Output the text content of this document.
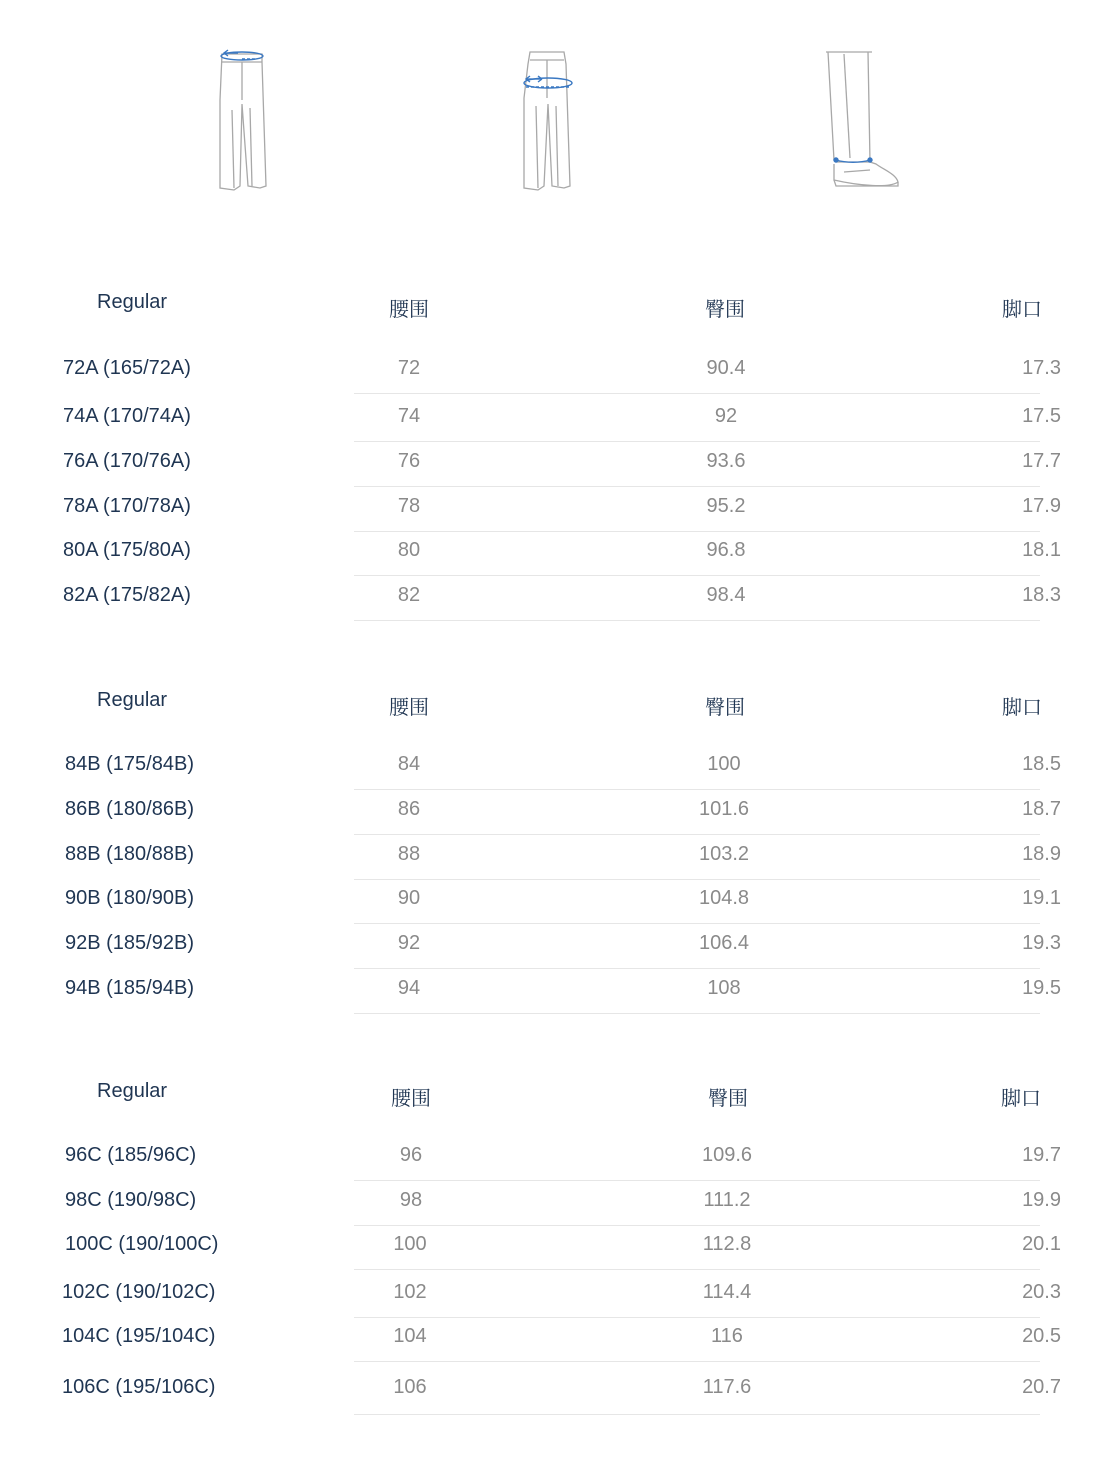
Regular	腰围	臀围	脚口
72A (165/72A)	72	90.4	17.3
74A (170/74A)	74	92	17.5
76A (170/76A)	76	93.6	17.7
78A (170/78A)	78	95.2	17.9
80A (175/80A)	80	96.8	18.1
82A (175/82A)	82	98.4	18.3
Regular	腰围	臀围	脚口
84B (175/84B)	84	100	18.5
86B (180/86B)	86	101.6	18.7
88B (180/88B)	88	103.2	18.9
90B (180/90B)	90	104.8	19.1
92B (185/92B)	92	106.4	19.3
94B (185/94B)	94	108	19.5
Regular	腰围	臀围	脚口
96C (185/96C)	96	109.6	19.7
98C (190/98C)	98	111.2	19.9
100C (190/100C)	100	112.8	20.1
102C (190/102C)	102	114.4	20.3
104C (195/104C)	104	116	20.5
106C (195/106C)	106	117.6	20.7
